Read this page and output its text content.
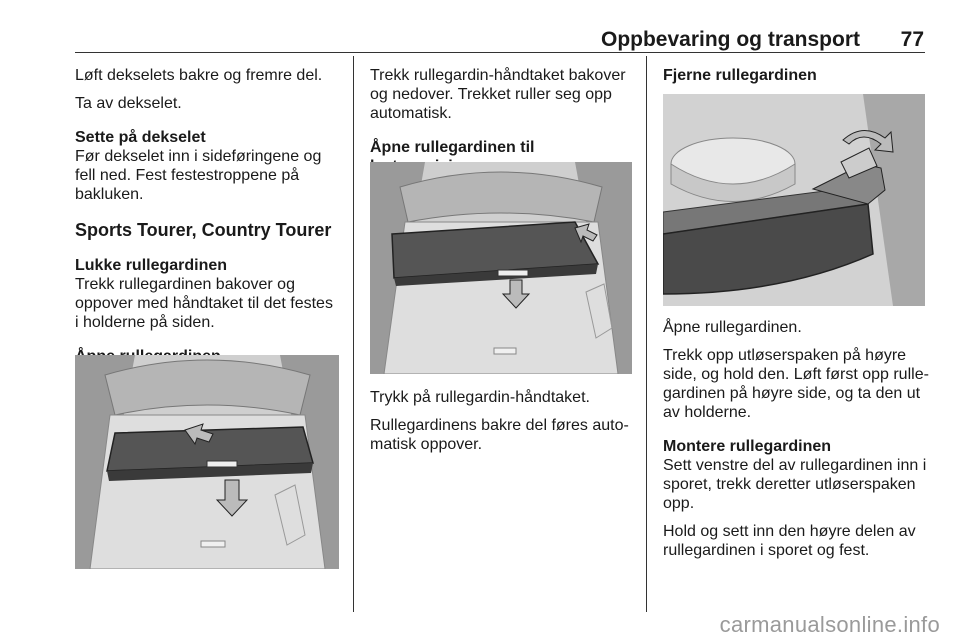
Oppbevaring og transport	77

Løft dekselets bakre og fremre del.

Ta av dekselet.

Sette på dekselet

Før dekselet inn i sideføringene og

fell ned. Fest festestroppene på

bakluken.

Sports Tourer, Country Tourer
Lukke rullegardinen

Trekk rullegardinen bakover og

oppover med håndtaket til det festes

i holderne på siden.

Trekk rullegardin-håndtaket bakover

og nedover. Trekket ruller seg opp

automatisk.

Åpne rullegardinen til

Trykk på rullegardin-håndtaket.

Rullegardinens bakre del føres auto-

matisk oppover.

Fjerne rullegardinen

Åpne rullegardinen.

Trekk opp utløserspaken på høyre

side, og hold den. Løft først opp rulle-

gardinen på høyre side, og ta den ut

av holderne.

Montere rullegardinen

Sett venstre del av rullegardinen inn i

sporet, trekk deretter utløserspaken

opp.

Hold og sett inn den høyre delen av

rullegardinen i sporet og fest.

carmanualsonline.info
